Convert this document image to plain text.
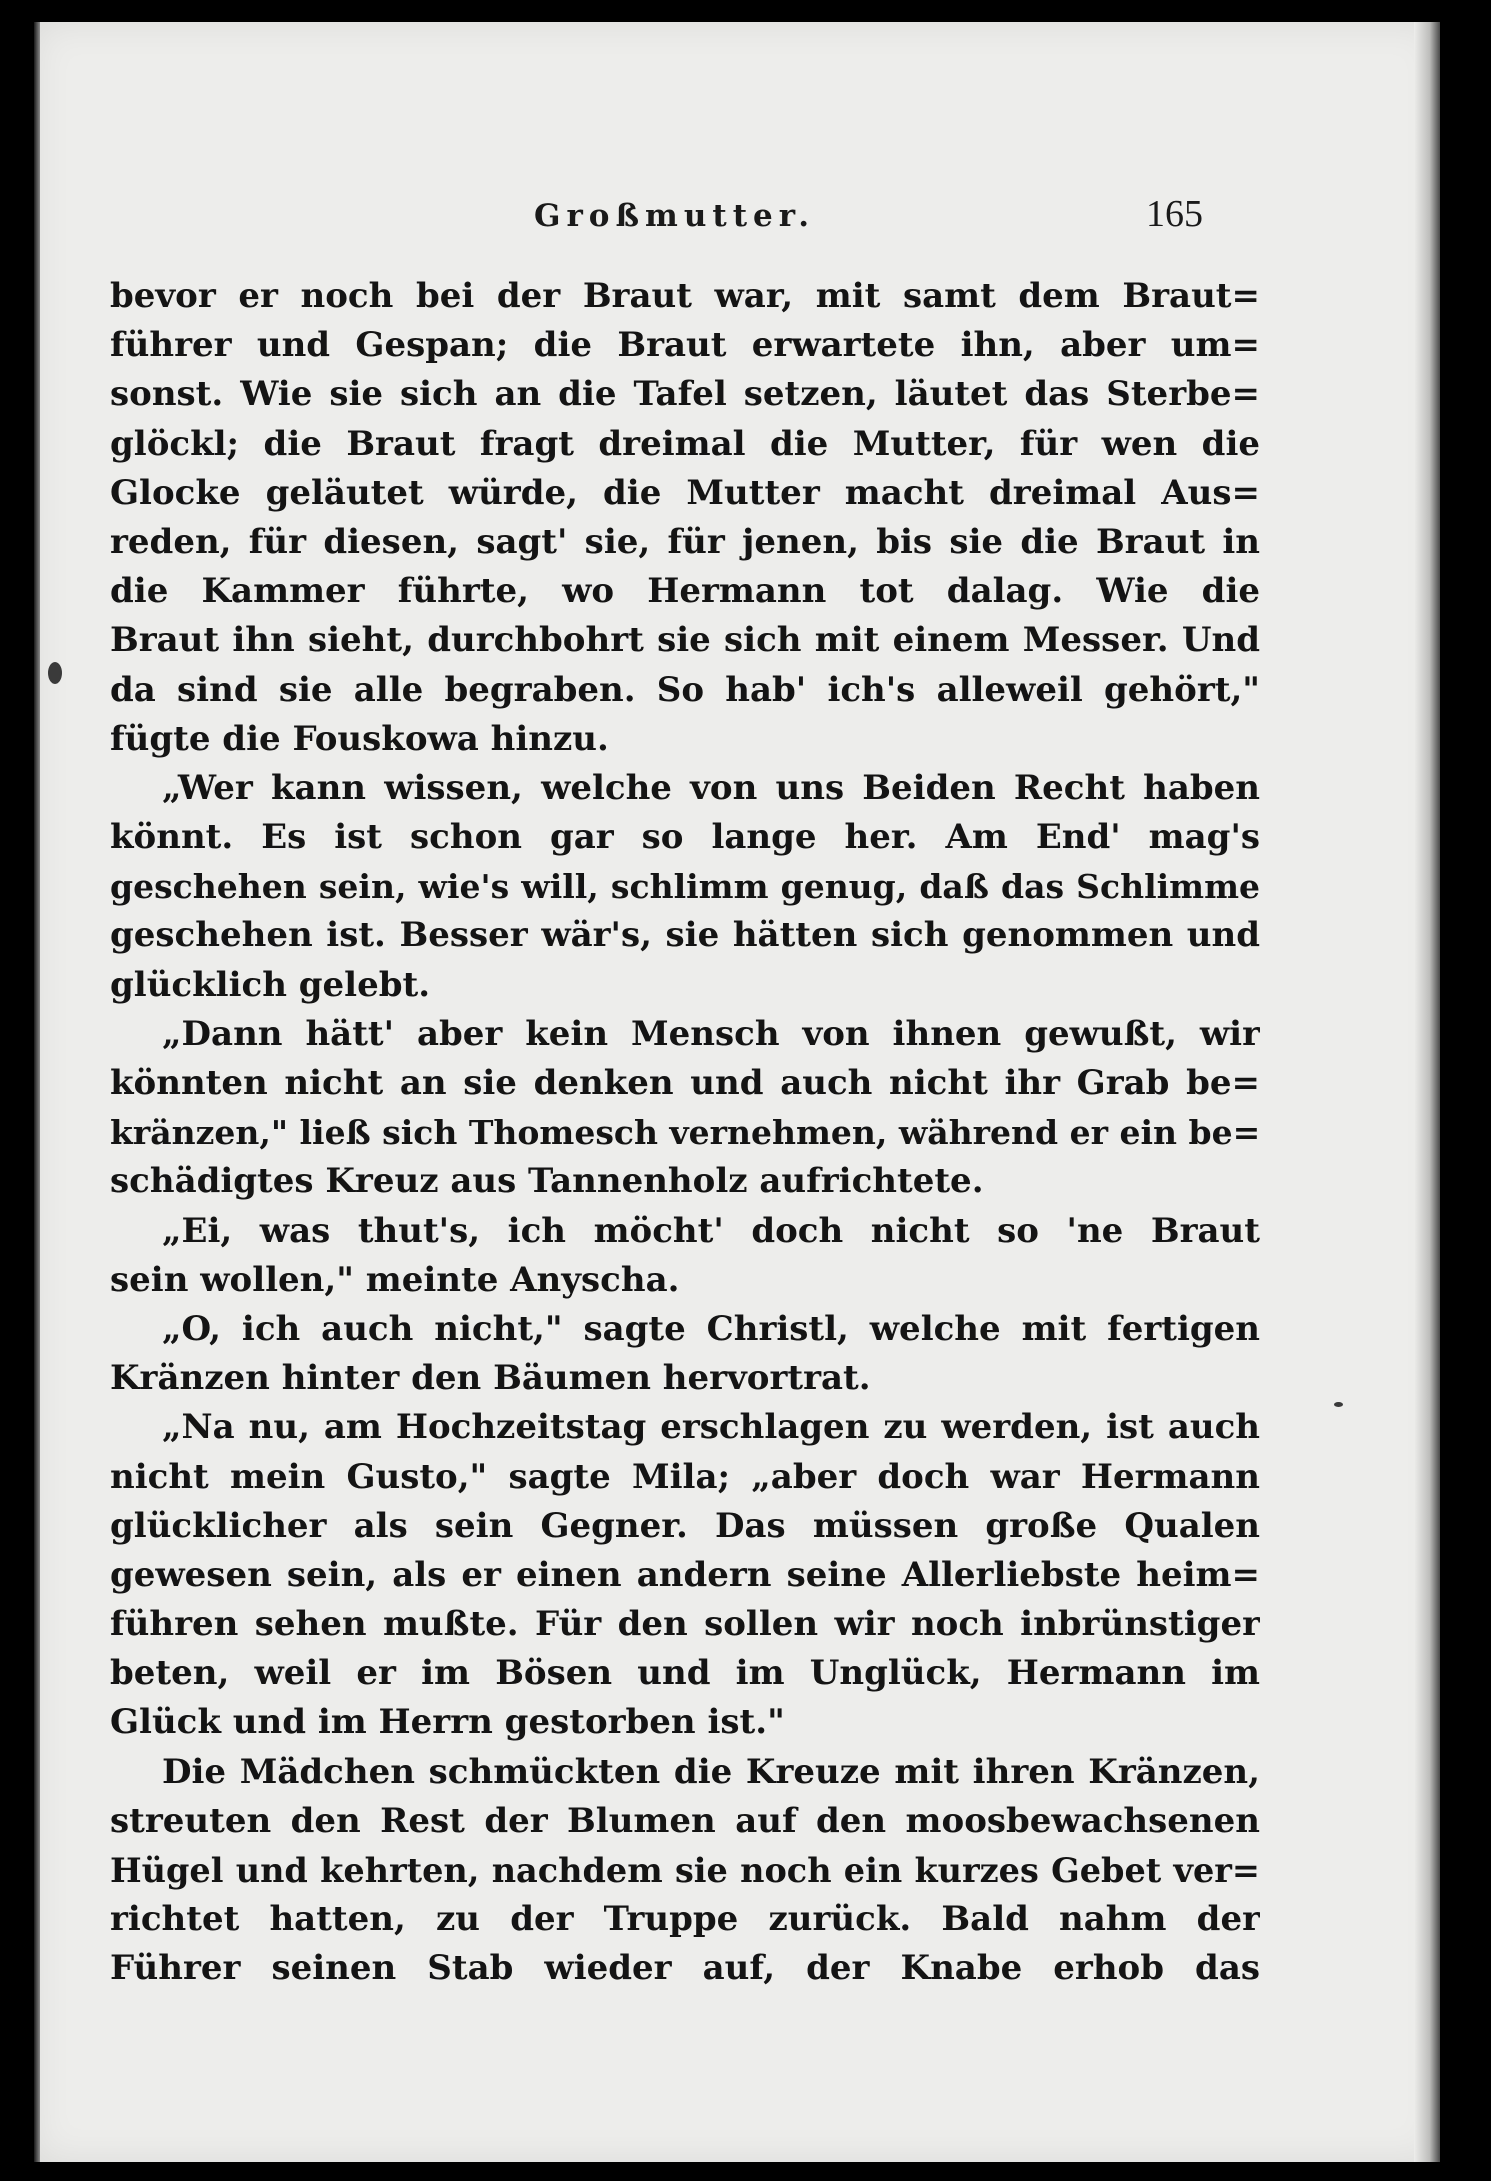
Großmutter.	165
bevor er noch bei der Braut war, mit samt dem Braut=
führer und Gespan; die Braut erwartete ihn, aber um=
sonst. Wie sie sich an die Tafel setzen, läutet das Sterbe=
glöckl; die Braut fragt dreimal die Mutter, für wen die
Glocke geläutet würde, die Mutter macht dreimal Aus=
reden, für diesen, sagt' sie, für jenen, bis sie die Braut in
die Kammer führte, wo Hermann tot dalag. Wie die
Braut ihn sieht, durchbohrt sie sich mit einem Messer. Und
da sind sie alle begraben. So hab' ich's alleweil gehört,"
fügte die Fouskowa hinzu.
„Wer kann wissen, welche von uns Beiden Recht haben
könnt. Es ist schon gar so lange her. Am End' mag's
geschehen sein, wie's will, schlimm genug, daß das Schlimme
geschehen ist. Besser wär's, sie hätten sich genommen und
glücklich gelebt.
„Dann hätt' aber kein Mensch von ihnen gewußt, wir
könnten nicht an sie denken und auch nicht ihr Grab be=
kränzen," ließ sich Thomesch vernehmen, während er ein be=
schädigtes Kreuz aus Tannenholz aufrichtete.
„Ei, was thut's, ich möcht' doch nicht so 'ne Braut
sein wollen," meinte Anyscha.
„O, ich auch nicht," sagte Christl, welche mit fertigen
Kränzen hinter den Bäumen hervortrat.
„Na nu, am Hochzeitstag erschlagen zu werden, ist auch
nicht mein Gusto," sagte Mila; „aber doch war Hermann
glücklicher als sein Gegner. Das müssen große Qualen
gewesen sein, als er einen andern seine Allerliebste heim=
führen sehen mußte. Für den sollen wir noch inbrünstiger
beten, weil er im Bösen und im Unglück, Hermann im
Glück und im Herrn gestorben ist."
Die Mädchen schmückten die Kreuze mit ihren Kränzen,
streuten den Rest der Blumen auf den moosbewachsenen
Hügel und kehrten, nachdem sie noch ein kurzes Gebet ver=
richtet hatten, zu der Truppe zurück. Bald nahm der
Führer seinen Stab wieder auf, der Knabe erhob das
